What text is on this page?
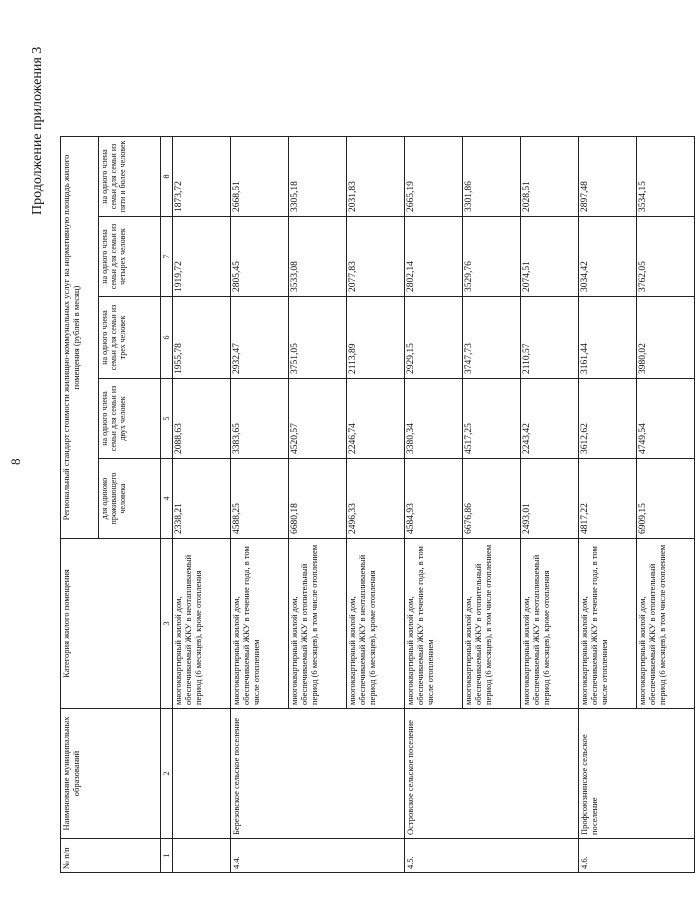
8
Продолжение приложения 3
№ п/п	Наименование муниципальных образований	Категория жилого помещения	Региональный стандарт стоимости жилищно-коммунальных услуг на нормативную площадь жилого помещения (рублей в месяц)				
			для одиноко проживающего человека	на одного члена семьи для семьи из двух человек	на одного члена семьи для семьи из трех человек	на одного члена семьи для семьи из четырех человек	на одного члена семьи для семьи из пяти и более человек
1	2	3	4	5	6	7	8
		многоквартирный жилой дом, обеспечиваемый ЖКУ в неотапливаемый период (6 месяцев), кроме отопления	2338,21	2088,63	1955,78	1919,72	1873,72
4.4.	Березовское сельское поселение	многоквартирный жилой дом, обеспечиваемый ЖКУ в течение года, в том числе отоплением	4588,25	3383,65	2932,47	2805,45	2668,51
		многоквартирный жилой дом, обеспечиваемый ЖКУ в отопительный период (6 месяцев), в том числе отоплением	6680,18	4520,57	3751,05	3533,08	3305,18
		многоквартирный жилой дом, обеспечиваемый ЖКУ в неотапливаемый период (6 месяцев), кроме отопления	2496,33	2246,74	2113,89	2077,83	2031,83
4.5.	Островское сельское поселение	многоквартирный жилой дом, обеспечиваемый ЖКУ в течение года, в том числе отоплением	4584,93	3380,34	2929,15	2802,14	2665,19
		многоквартирный жилой дом, обеспечиваемый ЖКУ в отопительный период (6 месяцев), в том числе отоплением	6676,86	4517,25	3747,73	3529,76	3301,86
		многоквартирный жилой дом, обеспечиваемый ЖКУ в неотапливаемый период (6 месяцев), кроме отопления	2493,01	2243,42	2110,57	2074,51	2028,51
4.6.	Профсоюзнинское сельское поселение	многоквартирный жилой дом, обеспечиваемый ЖКУ в течение года, в том числе отоплением	4817,22	3612,62	3161,44	3034,42	2897,48
		многоквартирный жилой дом, обеспечиваемый ЖКУ в отопительный период (6 месяцев), в том числе отоплением	6909,15	4749,54	3980,02	3762,05	3534,15
